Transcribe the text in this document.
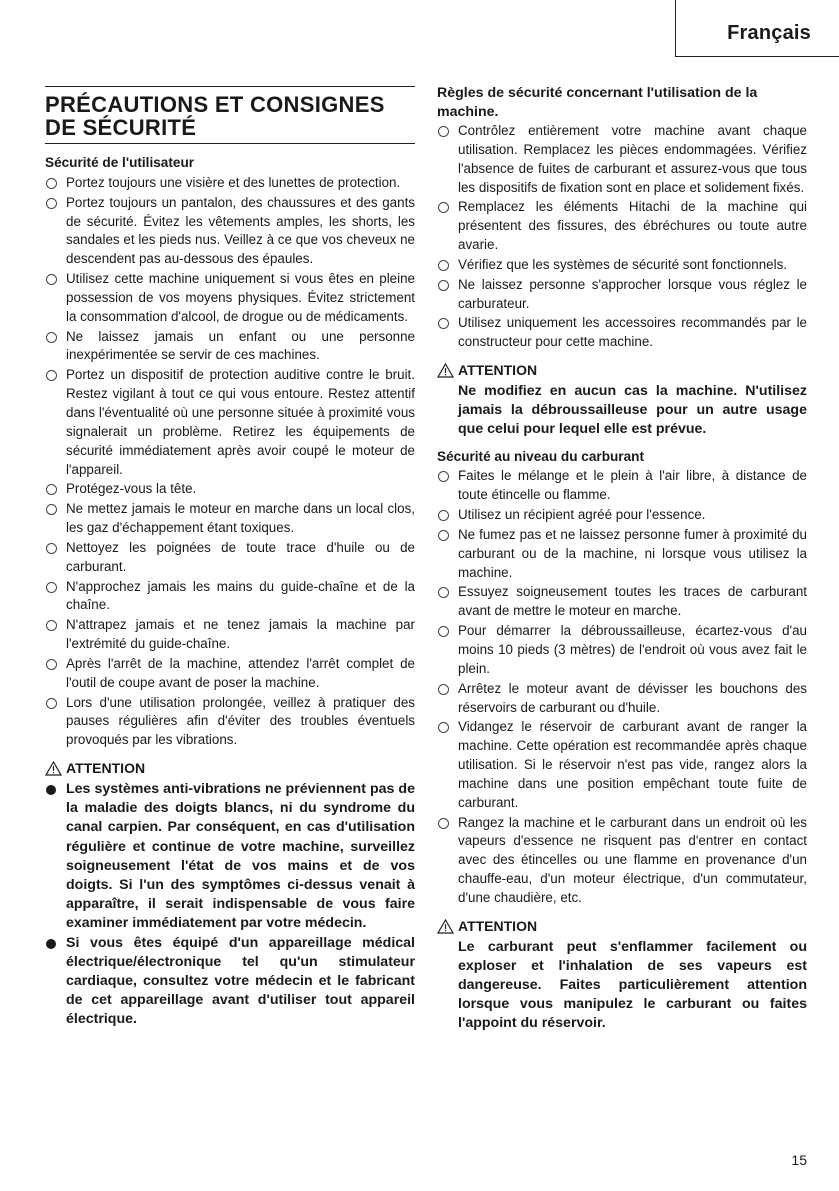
Français
PRÉCAUTIONS ET CONSIGNES DE SÉCURITÉ
Sécurité de l'utilisateur
Portez toujours une visière et des lunettes de protection.
Portez toujours un pantalon, des chaussures et des gants de sécurité. Évitez les vêtements amples, les shorts, les sandales et les pieds nus. Veillez à ce que vos cheveux ne descendent pas au-dessous des épaules.
Utilisez cette machine uniquement si vous êtes en pleine possession de vos moyens physiques. Évitez strictement la consommation d'alcool, de drogue ou de médicaments.
Ne laissez jamais un enfant ou une personne inexpérimentée se servir de ces machines.
Portez un dispositif de protection auditive contre le bruit. Restez vigilant à tout ce qui vous entoure. Restez attentif dans l'éventualité où une personne située à proximité vous signalerait un problème. Retirez les équipements de sécurité immédiatement après avoir coupé le moteur de l'appareil.
Protégez-vous la tête.
Ne mettez jamais le moteur en marche dans un local clos, les gaz d'échappement étant toxiques.
Nettoyez les poignées de toute trace d'huile ou de carburant.
N'approchez jamais les mains du guide-chaîne et de la chaîne.
N'attrapez jamais et ne tenez jamais la machine par l'extrémité du guide-chaîne.
Après l'arrêt de la machine, attendez l'arrêt complet de l'outil de coupe avant de poser la machine.
Lors d'une utilisation prolongée, veillez à pratiquer des pauses régulières afin d'éviter des troubles éventuels provoqués par les vibrations.
ATTENTION
Les systèmes anti-vibrations ne préviennent pas de la maladie des doigts blancs, ni du syndrome du canal carpien. Par conséquent, en cas d'utilisation régulière et continue de votre machine, surveillez soigneusement l'état de vos mains et de vos doigts. Si l'un des symptômes ci-dessus venait à apparaître, il serait indispensable de vous faire examiner immédiatement par votre médecin.
Si vous êtes équipé d'un appareillage médical électrique/électronique tel qu'un stimulateur cardiaque, consultez votre médecin et le fabricant de cet appareillage avant d'utiliser tout appareil électrique.
Règles de sécurité concernant l'utilisation de la machine.
Contrôlez entièrement votre machine avant chaque utilisation. Remplacez les pièces endommagées. Vérifiez l'absence de fuites de carburant et assurez-vous que tous les dispositifs de fixation sont en place et solidement fixés.
Remplacez les éléments Hitachi de la machine qui présentent des fissures, des ébréchures ou toute autre avarie.
Vérifiez que les systèmes de sécurité sont fonctionnels.
Ne laissez personne s'approcher lorsque vous réglez le carburateur.
Utilisez uniquement les accessoires recommandés par le constructeur pour cette machine.
ATTENTION
Ne modifiez en aucun cas la machine. N'utilisez jamais la débroussailleuse pour un autre usage que celui pour lequel elle est prévue.
Sécurité au niveau du carburant
Faites le mélange et le plein à l'air libre, à distance de toute étincelle ou flamme.
Utilisez un récipient agréé pour l'essence.
Ne fumez pas et ne laissez personne fumer à proximité du carburant ou de la machine, ni lorsque vous utilisez la machine.
Essuyez soigneusement toutes les traces de carburant avant de mettre le moteur en marche.
Pour démarrer la débroussailleuse, écartez-vous d'au moins 10 pieds (3 mètres) de l'endroit où vous avez fait le plein.
Arrêtez le moteur avant de dévisser les bouchons des réservoirs de carburant ou d'huile.
Vidangez le réservoir de carburant avant de ranger la machine. Cette opération est recommandée après chaque utilisation. Si le réservoir n'est pas vide, rangez alors la machine dans une position empêchant toute fuite de carburant.
Rangez la machine et le carburant dans un endroit où les vapeurs d'essence ne risquent pas d'entrer en contact avec des étincelles ou une flamme en provenance d'un chauffe-eau, d'un moteur électrique, d'un commutateur, d'une chaudière, etc.
ATTENTION
Le carburant peut s'enflammer facilement ou exploser et l'inhalation de ses vapeurs est dangereuse. Faites particulièrement attention lorsque vous manipulez le carburant ou faites l'appoint du réservoir.
15
